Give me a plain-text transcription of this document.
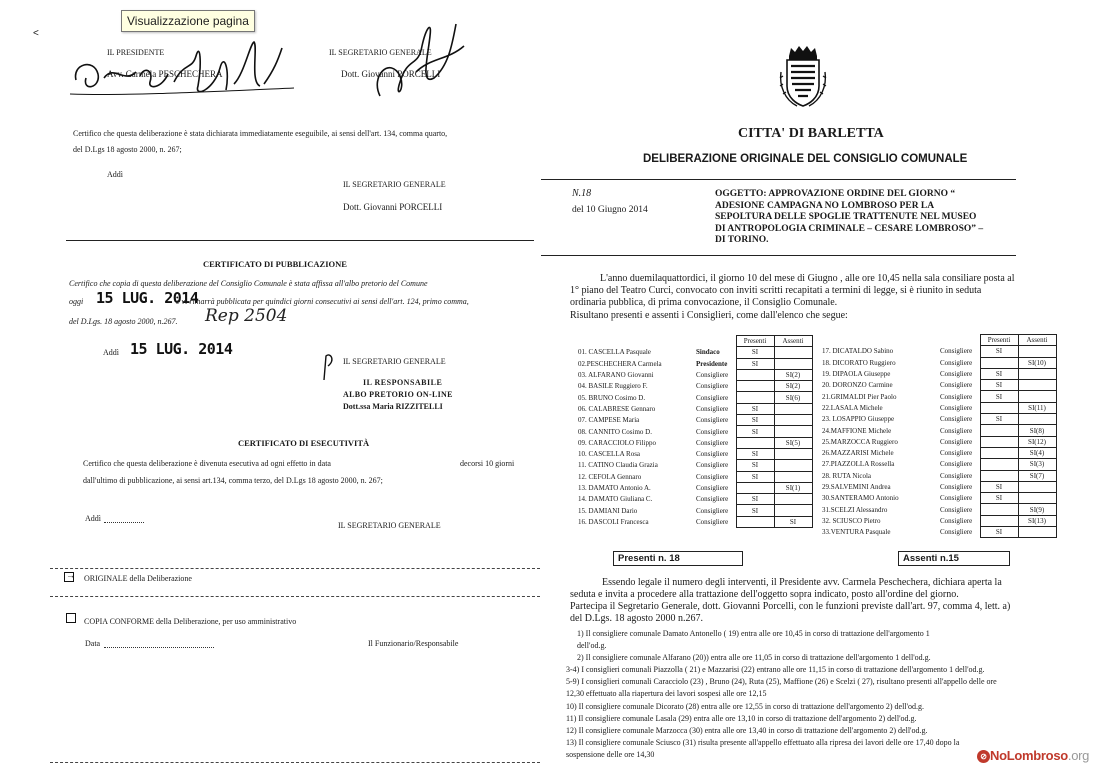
Visualizzazione pagina
<
IL PRESIDENTE
Avv. Carmela PESCHECHERA
IL SEGRETARIO GENERALE
Dott. Giovanni PORCELLI
Certifico che questa deliberazione è stata dichiarata immediatamente eseguibile, ai sensi dell'art. 134, comma quarto,
del D.Lgs 18 agosto 2000, n. 267;
Addì
IL SEGRETARIO GENERALE
Dott. Giovanni PORCELLI
CERTIFICATO DI PUBBLICAZIONE
Certifico che copia di questa deliberazione del Consiglio Comunale è stata affissa all'albo pretorio del Comune
oggi 15 LUG. 2014
e vi rimarrà pubblicata per quindici giorni consecutivi ai sensi dell'art. 124, primo comma,
del D.Lgs. 18 agosto 2000, n.267. Rep 2504
Addì 15 LUG. 2014
IL SEGRETARIO GENERALE
IL RESPONSABILE
ALBO PRETORIO ON-LINE
Dott.ssa Maria RIZZITELLI
CERTIFICATO DI ESECUTIVITÀ
Certifico che questa deliberazione è divenuta esecutiva ad ogni effetto in data	decorsi 10 giorni
dall'ultimo di pubblicazione, ai sensi art.134, comma terzo, del D.Lgs 18 agosto 2000, n. 267;
Addì
IL SEGRETARIO GENERALE
→ ORIGINALE della Deliberazione
COPIA CONFORME della Deliberazione, per uso amministrativo
Data	Il Funzionario/Responsabile
CITTA' DI BARLETTA
DELIBERAZIONE ORIGINALE DEL CONSIGLIO COMUNALE
N.18
del 10 Giugno 2014
OGGETTO: APPROVAZIONE ORDINE DEL GIORNO “
ADESIONE CAMPAGNA NO LOMBROSO PER LA
SEPOLTURA DELLE SPOGLIE TRATTENUTE NEL MUSEO
DI ANTROPOLOGIA CRIMINALE – CESARE LOMBROSO” –
DI TORINO.
L'anno duemilaquattordici, il giorno 10 del mese di Giugno , alle ore 10,45 nella sala consiliare posta al
1° piano del Teatro Curci, convocato con inviti scritti recapitati a termini di legge, si è riunito in seduta
ordinaria pubblica, di prima convocazione, il Consiglio Comunale.
Risultano presenti e assenti i Consiglieri, come dall'elenco che segue:
		Presenti	Assenti
01. CASCELLA Pasquale	Sindaco	SI	
02.PESCHECHERA Carmela	Presidente	SI	
03. ALFARANO Giovanni	Consigliere		SI(2)
04. BASILE Ruggiero F.	Consigliere		SI(2)
05. BRUNO Cosimo D.	Consigliere		SI(6)
06. CALABRESE Gennaro	Consigliere	SI	
07. CAMPESE Maria	Consigliere	SI	
08. CANNITO Cosimo D.	Consigliere	SI	
09. CARACCIOLO Filippo	Consigliere		SI(5)
10. CASCELLA Rosa	Consigliere	SI	
11. CATINO Claudia Grazia	Consigliere	SI	
12. CEFOLA Gennaro	Consigliere	SI	
13. DAMATO Antonio A.	Consigliere		SI(1)
14. DAMATO Giuliana C.	Consigliere	SI	
15. DAMIANI Dario	Consigliere	SI	
16. DASCOLI Francesca	Consigliere		SI
		Presenti	Assenti
17. DICATALDO Sabino	Consigliere	SI	
18. DICORATO Ruggiero	Consigliere		SI(10)
19. DIPAOLA Giuseppe	Consigliere	SI	
20. DORONZO Carmine	Consigliere	SI	
21.GRIMALDI Pier Paolo	Consigliere	SI	
22.LASALA Michele	Consigliere		SI(11)
23. LOSAPPIO Giuseppe	Consigliere	SI	
24.MAFFIONE Michele	Consigliere		SI(8)
25.MARZOCCA Ruggiero	Consigliere		SI(12)
26.MAZZARISI Michele	Consigliere		SI(4)
27.PIAZZOLLA Rossella	Consigliere		SI(3)
28. RUTA Nicola	Consigliere		SI(7)
29.SALVEMINI Andrea	Consigliere	SI	
30.SANTERAMO Antonio	Consigliere	SI	
31.SCELZI Alessandro	Consigliere		SI(9)
32. SCIUSCO Pietro	Consigliere		SI(13)
33.VENTURA Pasquale	Consigliere	SI	
Presenti n. 18	Assenti n.15
Essendo legale il numero degli interventi, il Presidente avv. Carmela Peschechera, dichiara aperta la
seduta e invita a procedere alla trattazione dell'oggetto sopra indicato, posto all'ordine del giorno.
Partecipa il Segretario Generale, dott. Giovanni Porcelli, con le funzioni previste dall'art. 97, comma 4, lett. a)
del D.Lgs. 18 agosto 2000 n.267.
1) Il consigliere comunale Damato Antonello ( 19) entra alle ore 10,45 in corso di trattazione dell'argomento 1
dell'od.g.
2) Il consigliere comunale Alfarano (20)) entra alle ore 11,05 in corso di trattazione dell'argomento 1 dell'od.g.
3-4) I consiglieri comunali Piazzolla ( 21) e Mazzarisi (22) entrano alle ore 11,15 in corso di trattazione dell'argomento 1 dell'od.g.
5-9) I consiglieri comunali Caracciolo (23) , Bruno (24), Ruta (25), Maffione (26) e Scelzi ( 27), risultano presenti all'appello delle ore
12,30 effettuato alla riapertura dei lavori sospesi alle ore 12,15
10) Il consigliere comunale Dicorato (28) entra alle ore 12,55 in corso di trattazione dell'argomento 2) dell'od.g.
11) Il consigliere comunale Lasala (29) entra alle ore 13,10 in corso di trattazione dell'argomento 2) dell'od.g.
12) Il consigliere comunale Marzocca (30) entra alle ore 13,40 in corso di trattazione dell'argomento 2) dell'od.g.
13) Il consigliere comunale Sciusco (31) risulta presente all'appello effettuato alla ripresa dei lavori delle ore 17,40 dopo la
sospensione delle ore 14,30	⊘ NoLombroso.org
